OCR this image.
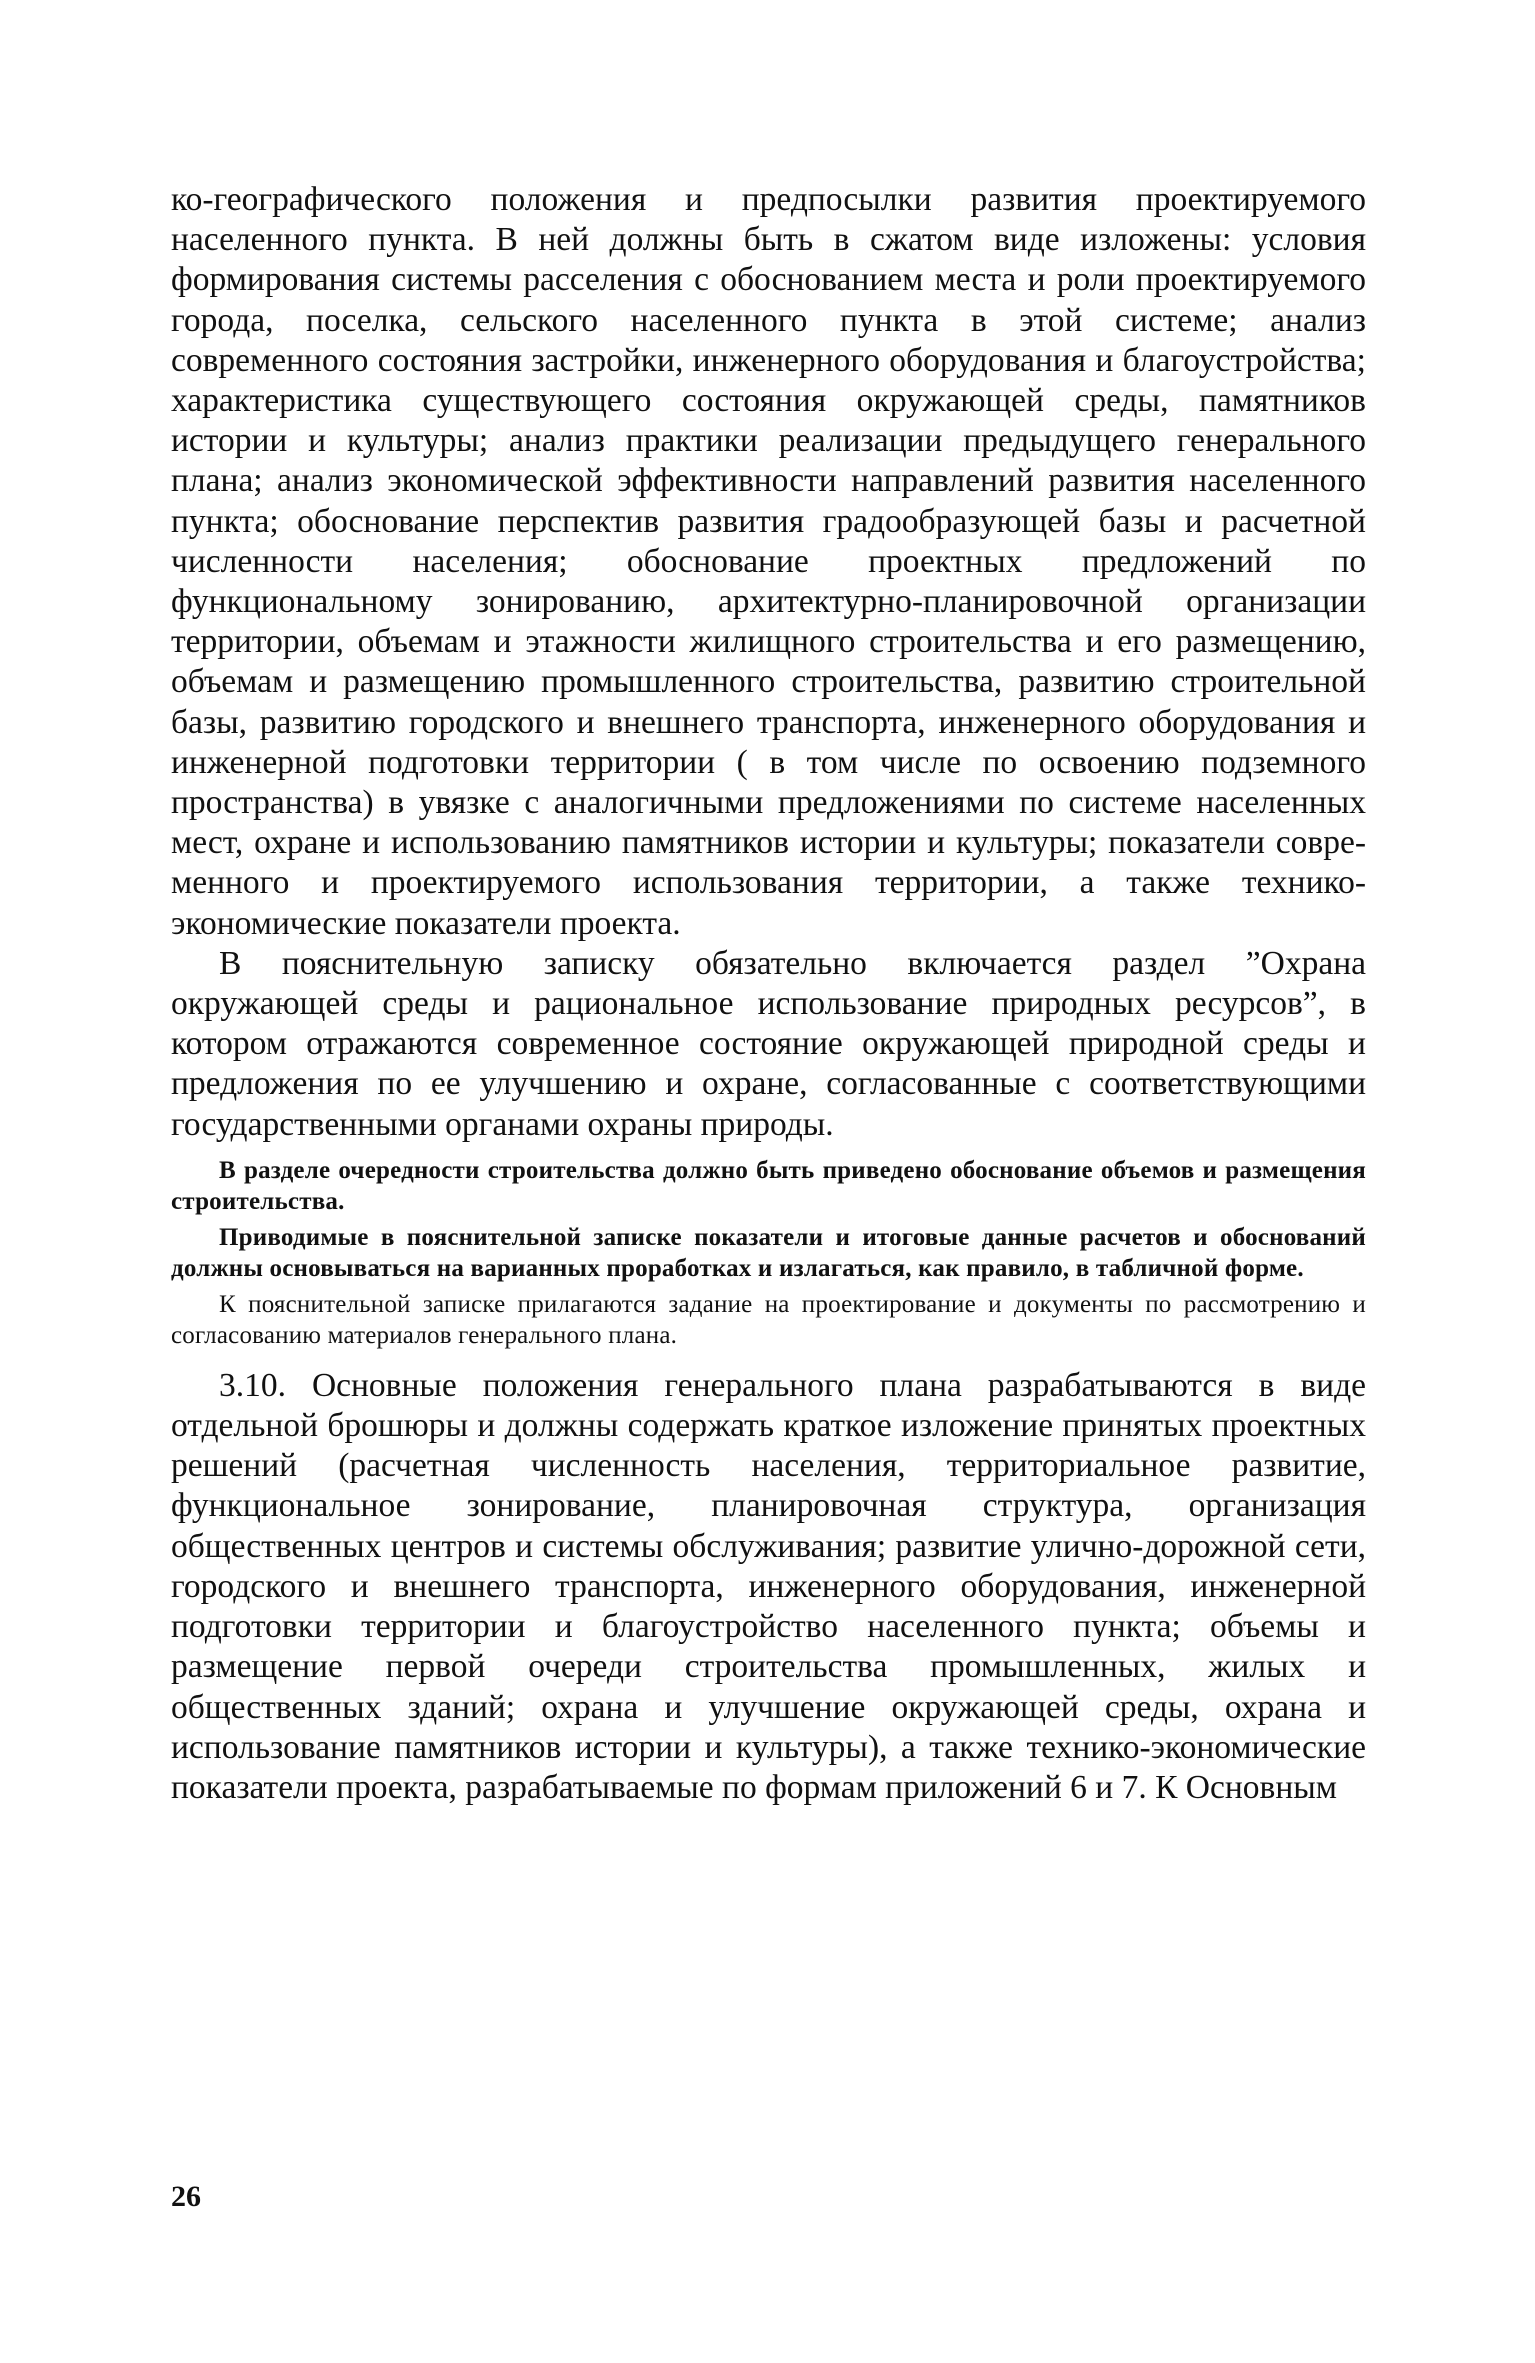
ко-географического положения и предпосылки развития проектируемого населенного пункта. В ней должны быть в сжатом виде изложены: условия формирования системы расселения с обоснованием места и роли проектируемого города, поселка, сельского населенного пункта в этой системе; анализ современного состояния застройки, инженерного оборудования и благоустройства; характеристика существующего состояния окружающей среды, памятников истории и культуры; анализ практики реализации предыдущего генерального плана; анализ экономической эффективности направлений развития населенного пункта; обоснование перспектив развития градообразующей базы и расчетной численности населения; обоснование проектных предложений по функциональному зонированию, архитектурно-планировочной организации территории, объемам и этажности жилищного строительства и его размещению, объемам и размещению промышленного строительства, развитию строительной базы, развитию городского и внешнего транспорта, инженерного оборудования и инженерной подготовки территории ( в том числе по освоению подземного пространства) в увязке с аналогичными предложениями по системе населенных мест, охране и использованию памятников истории и культуры; показатели современного и проектируемого использования территории, а также технико-экономические показатели проекта.

В пояснительную записку обязательно включается раздел ”Охрана окружающей среды и рациональное использование природных ресурсов”, в котором отражаются современное состояние окружающей природной среды и предложения по ее улучшению и охране, согласованные с соответствующими государственными органами охраны природы.

В разделе очередности строительства должно быть приведено обоснование объемов и размещения строительства.

Приводимые в пояснительной записке показатели и итоговые данные расчетов и обоснований должны основываться на варианных проработках и излагаться, как правило, в табличной форме.

К пояснительной записке прилагаются задание на проектирование и документы по рассмотрению и согласованию материалов генерального плана.

3.10. Основные положения генерального плана разрабатываются в виде отдельной брошюры и должны содержать краткое изложение принятых проектных решений (расчетная численность населения, территориальное развитие, функциональное зонирование, планировочная структура, организация общественных центров и системы обслуживания; развитие улично-дорожной сети, городского и внешнего транспорта, инженерного оборудования, инженерной подготовки территории и благоустройство населенного пункта; объемы и размещение первой очереди строительства промышленных, жилых и общественных зданий; охрана и улучшение окружающей среды, охрана и использование памятников истории и культуры), а также технико-экономические показатели проекта, разрабатываемые по формам приложений 6 и 7. К Основным

26
